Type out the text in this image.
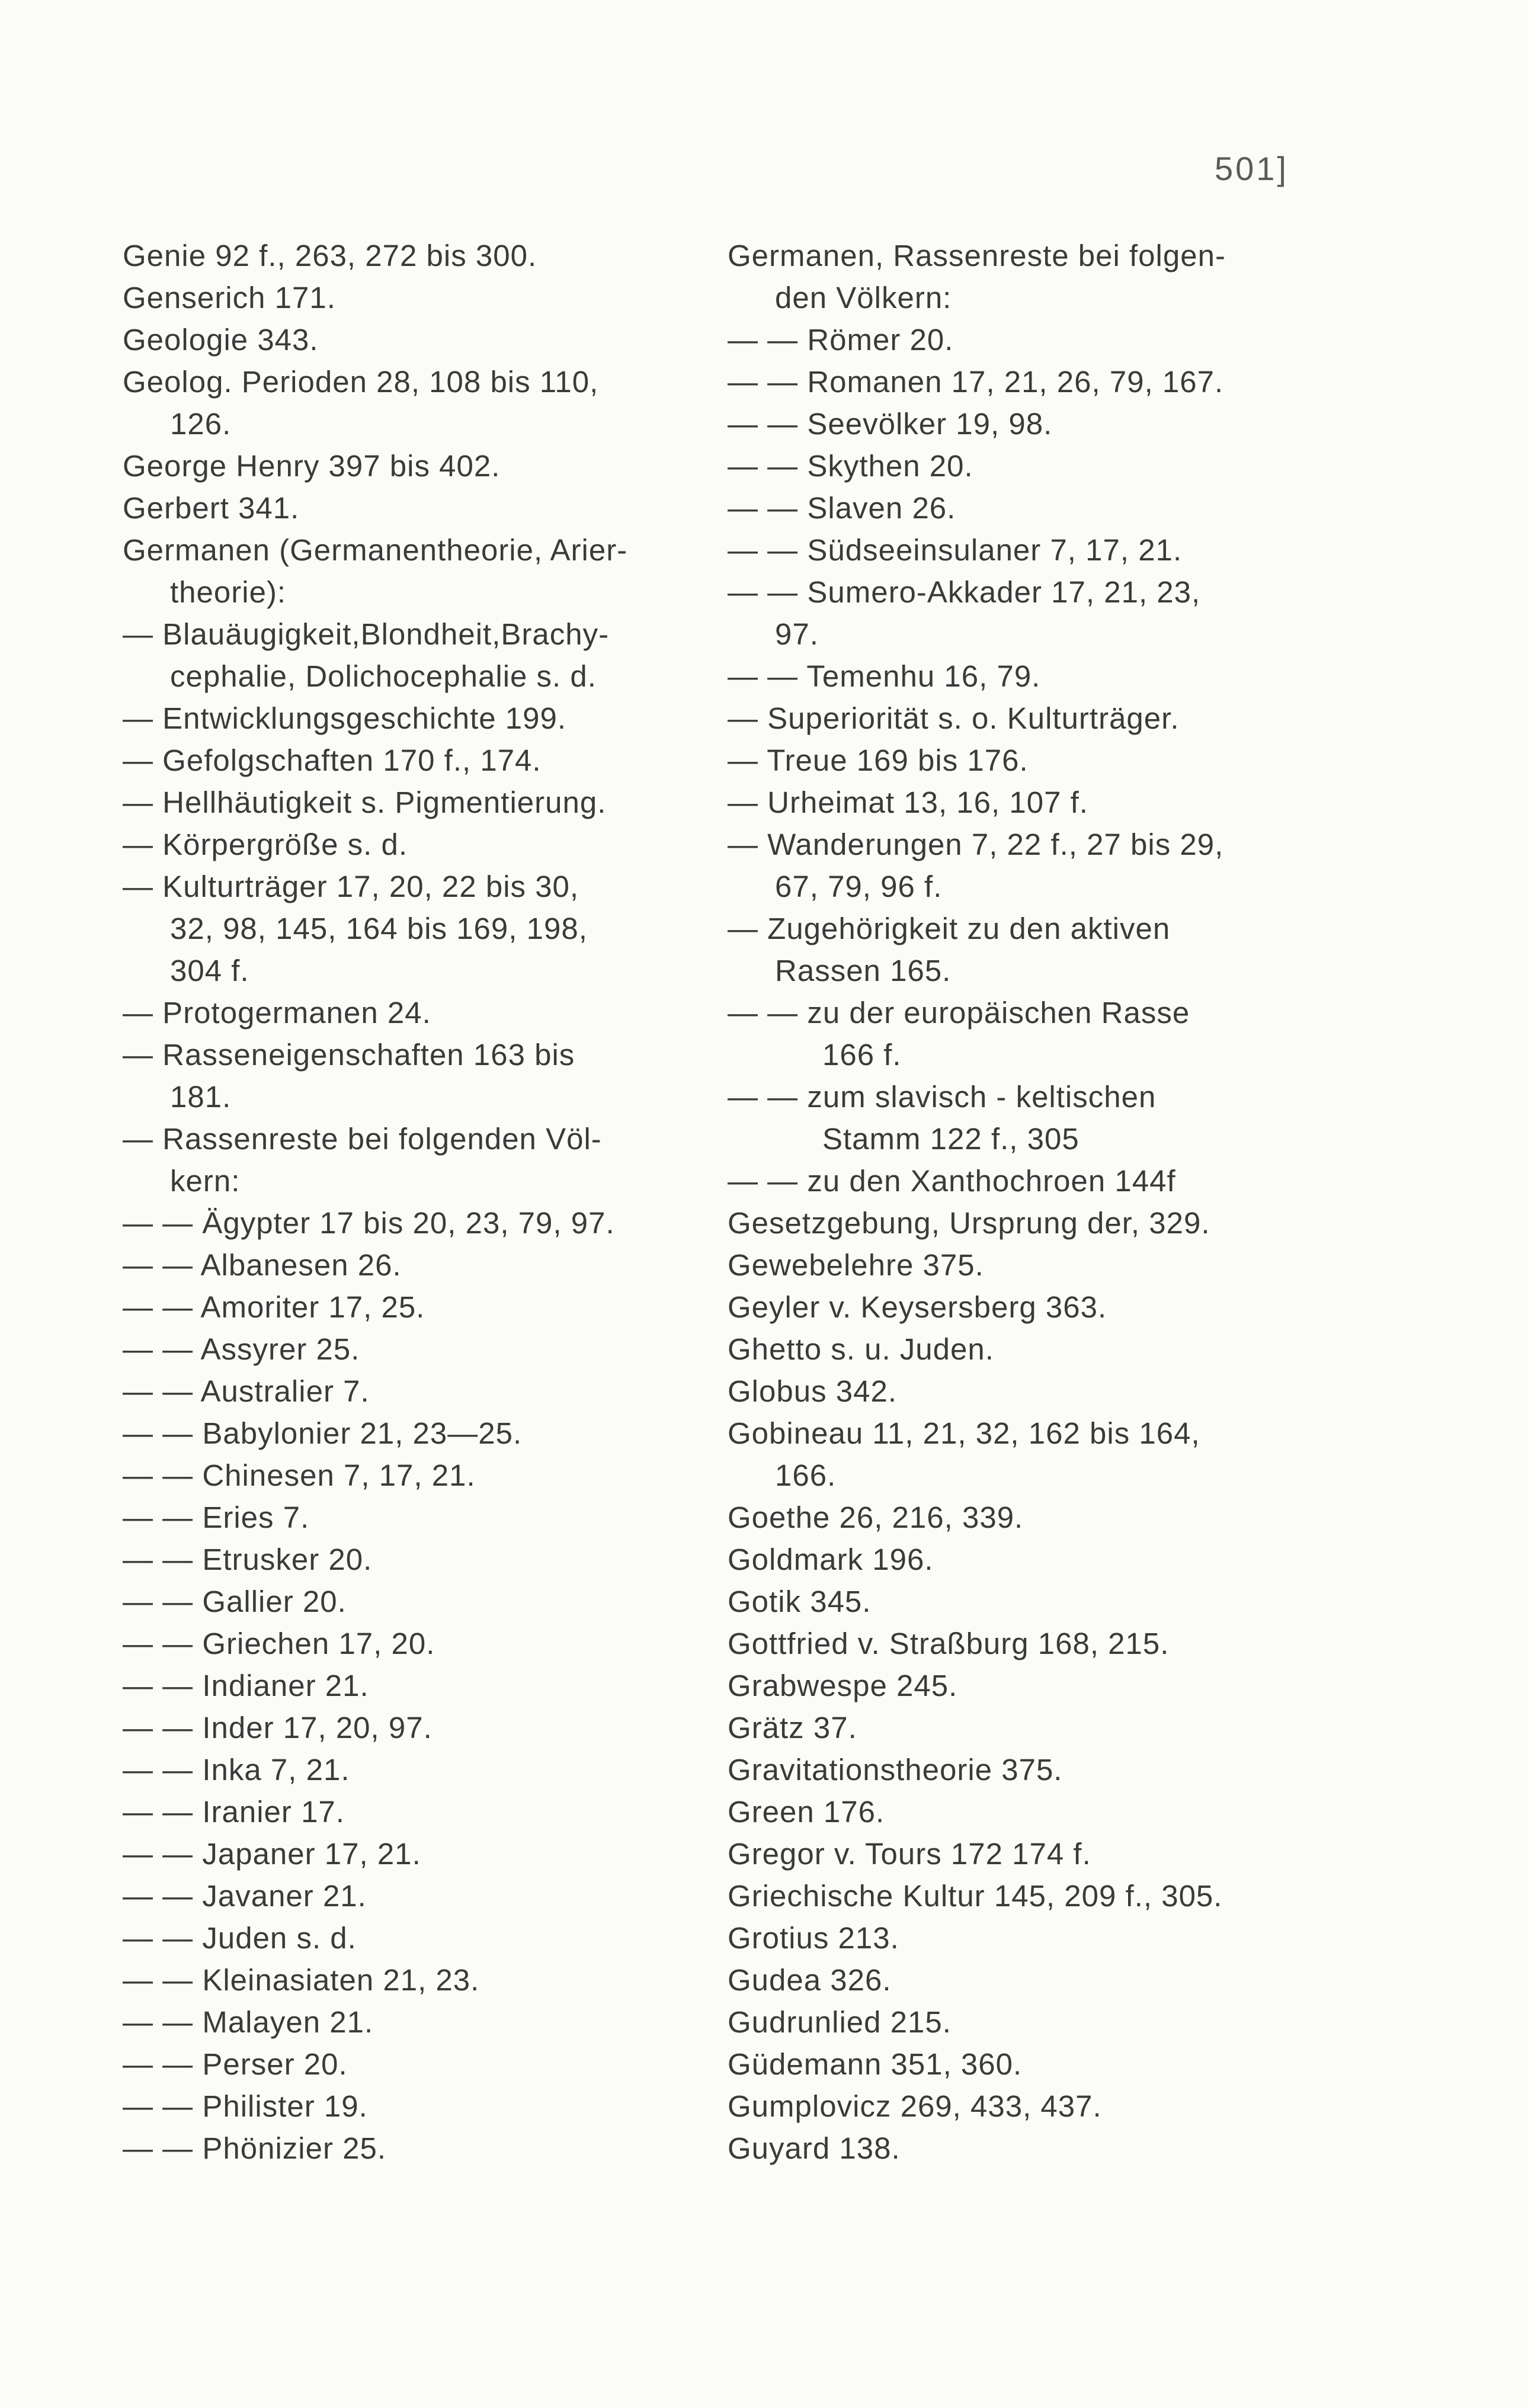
501]
Genie 92 f., 263, 272 bis 300.
Genserich 171.
Geologie 343.
Geolog. Perioden 28, 108 bis 110,
126.
George Henry 397 bis 402.
Gerbert 341.
Germanen (Germanentheorie, Arier-
theorie):
— Blauäugigkeit,Blondheit,Brachy-
cephalie, Dolichocephalie s. d.
— Entwicklungsgeschichte 199.
— Gefolgschaften 170 f., 174.
— Hellhäutigkeit s. Pigmentierung.
— Körpergröße s. d.
— Kulturträger 17, 20, 22 bis 30,
32, 98, 145, 164 bis 169, 198,
304 f.
— Protogermanen 24.
— Rasseneigenschaften 163 bis
181.
— Rassenreste bei folgenden Völ-
kern:
— — Ägypter 17 bis 20, 23, 79, 97.
— — Albanesen 26.
— — Amoriter 17, 25.
— — Assyrer 25.
— — Australier 7.
— — Babylonier 21, 23—25.
— — Chinesen 7, 17, 21.
— — Eries 7.
— — Etrusker 20.
— — Gallier 20.
— — Griechen 17, 20.
— — Indianer 21.
— — Inder 17, 20, 97.
— — Inka 7, 21.
— — Iranier 17.
— — Japaner 17, 21.
— — Javaner 21.
— — Juden s. d.
— — Kleinasiaten 21, 23.
— — Malayen 21.
— — Perser 20.
— — Philister 19.
— — Phönizier 25.
Germanen, Rassenreste bei folgen-
den Völkern:
— — Römer 20.
— — Romanen 17, 21, 26, 79, 167.
— — Seevölker 19, 98.
— — Skythen 20.
— — Slaven 26.
— — Südseeinsulaner 7, 17, 21.
— — Sumero-Akkader 17, 21, 23,
97.
— — Temenhu 16, 79.
— Superiorität s. o. Kulturträger.
— Treue 169 bis 176.
— Urheimat 13, 16, 107 f.
— Wanderungen 7, 22 f., 27 bis 29,
67, 79, 96 f.
— Zugehörigkeit zu den aktiven
Rassen 165.
— — zu der europäischen Rasse
166 f.
— — zum slavisch - keltischen
Stamm 122 f., 305
— — zu den Xanthochroen 144f
Gesetzgebung, Ursprung der, 329.
Gewebelehre 375.
Geyler v. Keysersberg 363.
Ghetto s. u. Juden.
Globus 342.
Gobineau 11, 21, 32, 162 bis 164,
166.
Goethe 26, 216, 339.
Goldmark 196.
Gotik 345.
Gottfried v. Straßburg 168, 215.
Grabwespe 245.
Grätz 37.
Gravitationstheorie 375.
Green 176.
Gregor v. Tours 172 174 f.
Griechische Kultur 145, 209 f., 305.
Grotius 213.
Gudea 326.
Gudrunlied 215.
Güdemann 351, 360.
Gumplovicz 269, 433, 437.
Guyard 138.
